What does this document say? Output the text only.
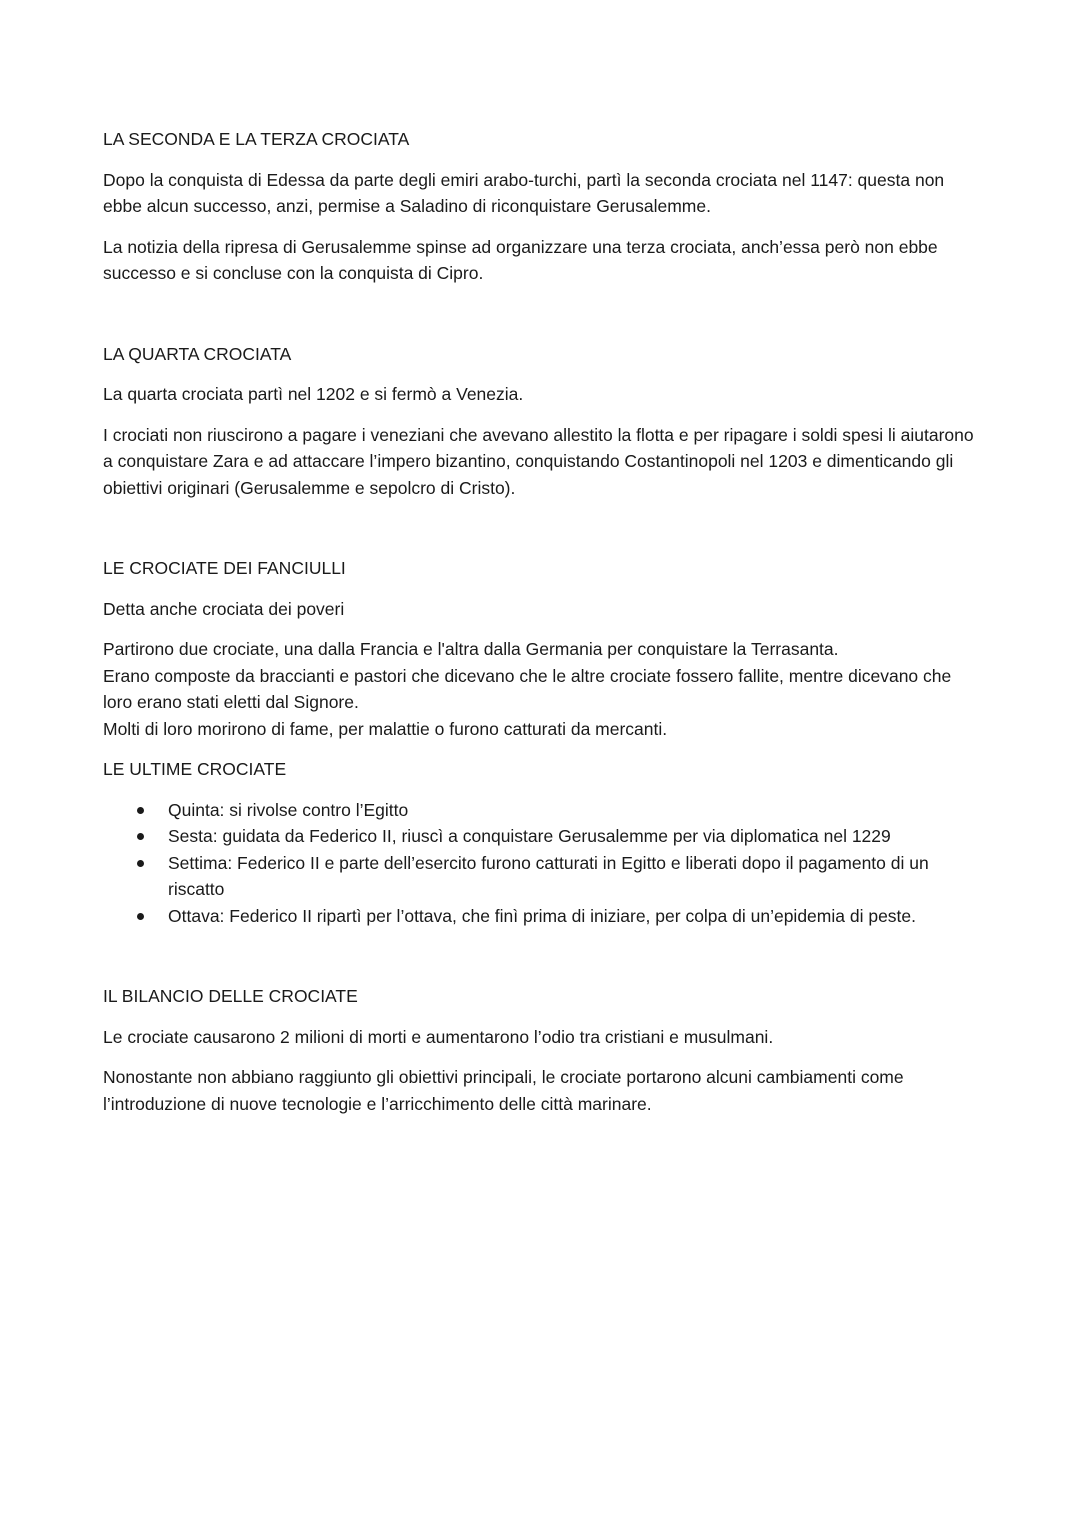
LA SECONDA E LA TERZA CROCIATA

Dopo la conquista di Edessa da parte degli emiri arabo-turchi, partì la seconda crociata nel 1147: questa non ebbe alcun successo, anzi, permise a Saladino di riconquistare Gerusalemme.

La notizia della ripresa di Gerusalemme spinse ad organizzare una terza crociata, anch’essa però non ebbe successo e si concluse con la conquista di Cipro.

LA QUARTA CROCIATA

La quarta crociata partì nel 1202 e si fermò a Venezia.

I crociati non riuscirono a pagare i veneziani che avevano allestito la flotta e per ripagare i soldi spesi li aiutarono a conquistare Zara e ad attaccare l’impero bizantino, conquistando Costantinopoli nel 1203 e dimenticando gli obiettivi originari (Gerusalemme e sepolcro di Cristo).

LE CROCIATE DEI FANCIULLI

Detta anche crociata dei poveri

Partirono due crociate, una dalla Francia e l'altra dalla Germania per conquistare la Terrasanta.

Erano composte da braccianti e pastori che dicevano che le altre crociate fossero fallite, mentre dicevano che loro erano stati eletti dal Signore.

Molti di loro morirono di fame, per malattie o furono catturati da mercanti.

LE ULTIME CROCIATE
Quinta: si rivolse contro l’Egitto
Sesta: guidata da Federico II, riuscì a conquistare Gerusalemme per via diplomatica nel 1229
Settima: Federico II e parte dell’esercito furono catturati in Egitto e liberati dopo il pagamento di un riscatto
Ottava: Federico II ripartì per l’ottava, che finì prima di iniziare, per colpa di un’epidemia di peste.
IL BILANCIO DELLE CROCIATE

Le crociate causarono 2 milioni di morti e aumentarono l’odio tra cristiani e musulmani.

Nonostante non abbiano raggiunto gli obiettivi principali, le crociate portarono alcuni cambiamenti come l’introduzione di nuove tecnologie e l’arricchimento delle città marinare.
